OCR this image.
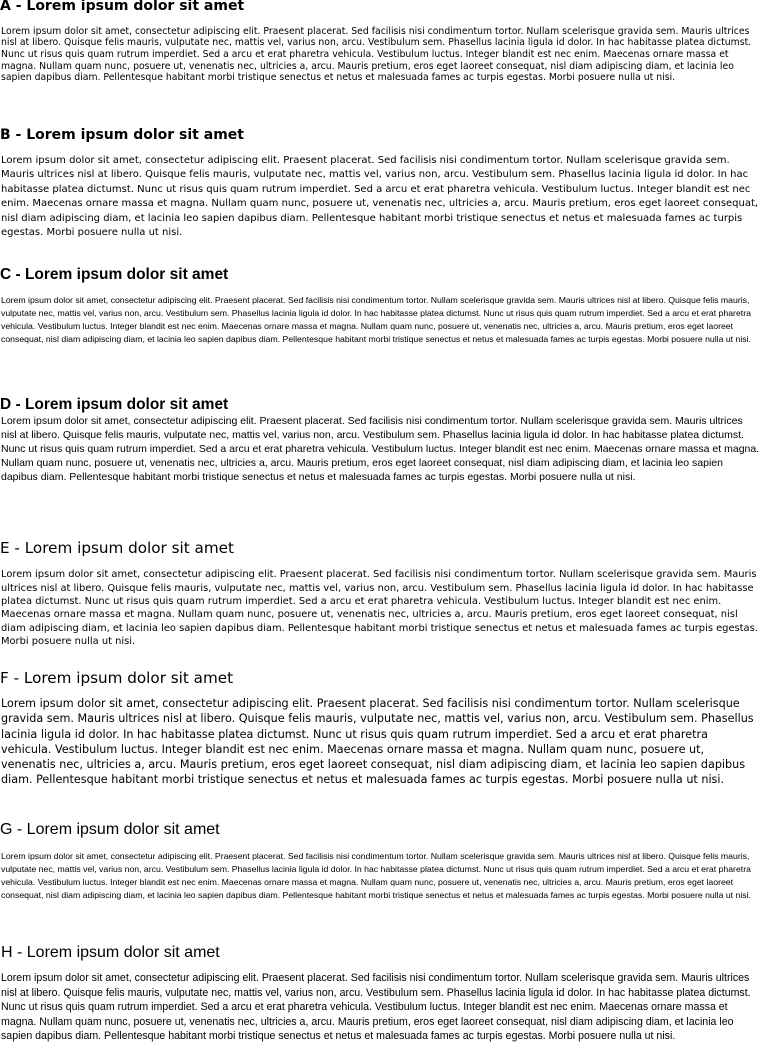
A - Lorem ipsum dolor sit amet

Lorem ipsum dolor sit amet, consectetur adipiscing elit. Praesent placerat. Sed facilisis nisi condimentum tortor. Nullam scelerisque gravida sem. Mauris ultrices nisl at libero. Quisque felis mauris, vulputate nec, mattis vel, varius non, arcu. Vestibulum sem. Phasellus lacinia ligula id dolor. In hac habitasse platea dictumst. Nunc ut risus quis quam rutrum imperdiet. Sed a arcu et erat pharetra vehicula. Vestibulum luctus. Integer blandit est nec enim. Maecenas ornare massa et magna. Nullam quam nunc, posuere ut, venenatis nec, ultricies a, arcu. Mauris pretium, eros eget laoreet consequat, nisl diam adipiscing diam, et lacinia leo sapien dapibus diam. Pellentesque habitant morbi tristique senectus et netus et malesuada fames ac turpis egestas. Morbi posuere nulla ut nisi.

B - Lorem ipsum dolor sit amet

Lorem ipsum dolor sit amet, consectetur adipiscing elit. Praesent placerat. Sed facilisis nisi condimentum tortor. Nullam scelerisque gravida sem. Mauris ultrices nisl at libero. Quisque felis mauris, vulputate nec, mattis vel, varius non, arcu. Vestibulum sem. Phasellus lacinia ligula id dolor. In hac habitasse platea dictumst. Nunc ut risus quis quam rutrum imperdiet. Sed a arcu et erat pharetra vehicula. Vestibulum luctus. Integer blandit est nec enim. Maecenas ornare massa et magna. Nullam quam nunc, posuere ut, venenatis nec, ultricies a, arcu. Mauris pretium, eros eget laoreet consequat, nisl diam adipiscing diam, et lacinia leo sapien dapibus diam. Pellentesque habitant morbi tristique senectus et netus et malesuada fames ac turpis egestas. Morbi posuere nulla ut nisi.

C - Lorem ipsum dolor sit amet

Lorem ipsum dolor sit amet, consectetur adipiscing elit. Praesent placerat. Sed facilisis nisi condimentum tortor. Nullam scelerisque gravida sem. Mauris ultrices nisl at libero. Quisque felis mauris, vulputate nec, mattis vel, varius non, arcu. Vestibulum sem. Phasellus lacinia ligula id dolor. In hac habitasse platea dictumst. Nunc ut risus quis quam rutrum imperdiet. Sed a arcu et erat pharetra vehicula. Vestibulum luctus. Integer blandit est nec enim. Maecenas ornare massa et magna. Nullam quam nunc, posuere ut, venenatis nec, ultricies a, arcu. Mauris pretium, eros eget laoreet consequat, nisl diam adipiscing diam, et lacinia leo sapien dapibus diam. Pellentesque habitant morbi tristique senectus et netus et malesuada fames ac turpis egestas. Morbi posuere nulla ut nisi.

D - Lorem ipsum dolor sit amet

Lorem ipsum dolor sit amet, consectetur adipiscing elit. Praesent placerat. Sed facilisis nisi condimentum tortor. Nullam scelerisque gravida sem. Mauris ultrices nisl at libero. Quisque felis mauris, vulputate nec, mattis vel, varius non, arcu. Vestibulum sem. Phasellus lacinia ligula id dolor. In hac habitasse platea dictumst. Nunc ut risus quis quam rutrum imperdiet. Sed a arcu et erat pharetra vehicula. Vestibulum luctus. Integer blandit est nec enim. Maecenas ornare massa et magna. Nullam quam nunc, posuere ut, venenatis nec, ultricies a, arcu. Mauris pretium, eros eget laoreet consequat, nisl diam adipiscing diam, et lacinia leo sapien dapibus diam. Pellentesque habitant morbi tristique senectus et netus et malesuada fames ac turpis egestas. Morbi posuere nulla ut nisi.

E - Lorem ipsum dolor sit amet

Lorem ipsum dolor sit amet, consectetur adipiscing elit. Praesent placerat. Sed facilisis nisi condimentum tortor. Nullam scelerisque gravida sem. Mauris ultrices nisl at libero. Quisque felis mauris, vulputate nec, mattis vel, varius non, arcu. Vestibulum sem. Phasellus lacinia ligula id dolor. In hac habitasse platea dictumst. Nunc ut risus quis quam rutrum imperdiet. Sed a arcu et erat pharetra vehicula. Vestibulum luctus. Integer blandit est nec enim. Maecenas ornare massa et magna. Nullam quam nunc, posuere ut, venenatis nec, ultricies a, arcu. Mauris pretium, eros eget laoreet consequat, nisl diam adipiscing diam, et lacinia leo sapien dapibus diam. Pellentesque habitant morbi tristique senectus et netus et malesuada fames ac turpis egestas. Morbi posuere nulla ut nisi.

F - Lorem ipsum dolor sit amet

Lorem ipsum dolor sit amet, consectetur adipiscing elit. Praesent placerat. Sed facilisis nisi condimentum tortor. Nullam scelerisque gravida sem. Mauris ultrices nisl at libero. Quisque felis mauris, vulputate nec, mattis vel, varius non, arcu. Vestibulum sem. Phasellus lacinia ligula id dolor. In hac habitasse platea dictumst. Nunc ut risus quis quam rutrum imperdiet. Sed a arcu et erat pharetra vehicula. Vestibulum luctus. Integer blandit est nec enim. Maecenas ornare massa et magna. Nullam quam nunc, posuere ut, venenatis nec, ultricies a, arcu. Mauris pretium, eros eget laoreet consequat, nisl diam adipiscing diam, et lacinia leo sapien dapibus diam. Pellentesque habitant morbi tristique senectus et netus et malesuada fames ac turpis egestas. Morbi posuere nulla ut nisi.

G - Lorem ipsum dolor sit amet

Lorem ipsum dolor sit amet, consectetur adipiscing elit. Praesent placerat. Sed facilisis nisi condimentum tortor. Nullam scelerisque gravida sem. Mauris ultrices nisl at libero. Quisque felis mauris, vulputate nec, mattis vel, varius non, arcu. Vestibulum sem. Phasellus lacinia ligula id dolor. In hac habitasse platea dictumst. Nunc ut risus quis quam rutrum imperdiet. Sed a arcu et erat pharetra vehicula. Vestibulum luctus. Integer blandit est nec enim. Maecenas ornare massa et magna. Nullam quam nunc, posuere ut, venenatis nec, ultricies a, arcu. Mauris pretium, eros eget laoreet consequat, nisl diam adipiscing diam, et lacinia leo sapien dapibus diam. Pellentesque habitant morbi tristique senectus et netus et malesuada fames ac turpis egestas. Morbi posuere nulla ut nisi.

H - Lorem ipsum dolor sit amet

Lorem ipsum dolor sit amet, consectetur adipiscing elit. Praesent placerat. Sed facilisis nisi condimentum tortor. Nullam scelerisque gravida sem. Mauris ultrices nisl at libero. Quisque felis mauris, vulputate nec, mattis vel, varius non, arcu. Vestibulum sem. Phasellus lacinia ligula id dolor. In hac habitasse platea dictumst. Nunc ut risus quis quam rutrum imperdiet. Sed a arcu et erat pharetra vehicula. Vestibulum luctus. Integer blandit est nec enim. Maecenas ornare massa et magna. Nullam quam nunc, posuere ut, venenatis nec, ultricies a, arcu. Mauris pretium, eros eget laoreet consequat, nisl diam adipiscing diam, et lacinia leo sapien dapibus diam. Pellentesque habitant morbi tristique senectus et netus et malesuada fames ac turpis egestas. Morbi posuere nulla ut nisi.
